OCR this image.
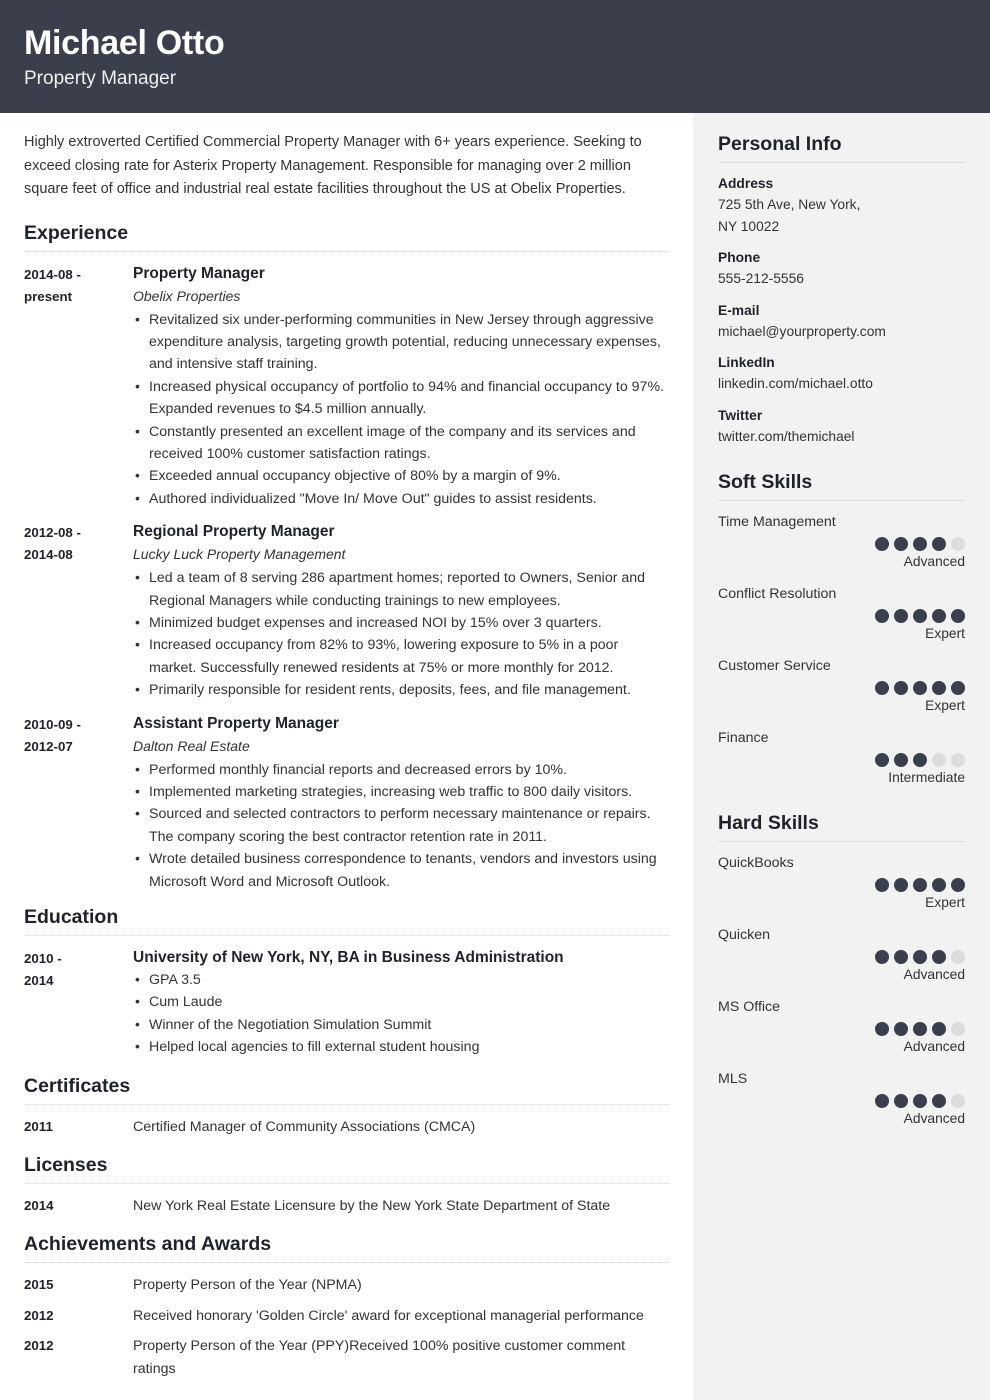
Michael Otto
Property Manager
Highly extroverted Certified Commercial Property Manager with 6+ years experience. Seeking to exceed closing rate for Asterix Property Management. Responsible for managing over 2 million square feet of office and industrial real estate facilities throughout the US at Obelix Properties.
Experience
2014-08 -
present
Property Manager
Obelix Properties
• Revitalized six under-performing communities in New Jersey through aggressive expenditure analysis, targeting growth potential, reducing unnecessary expenses, and intensive staff training.
• Increased physical occupancy of portfolio to 94% and financial occupancy to 97%. Expanded revenues to $4.5 million annually.
• Constantly presented an excellent image of the company and its services and received 100% customer satisfaction ratings.
• Exceeded annual occupancy objective of 80% by a margin of 9%.
• Authored individualized "Move In/ Move Out" guides to assist residents.
2012-08 -
2014-08
Regional Property Manager
Lucky Luck Property Management
• Led a team of 8 serving 286 apartment homes; reported to Owners, Senior and Regional Managers while conducting trainings to new employees.
• Minimized budget expenses and increased NOI by 15% over 3 quarters.
• Increased occupancy from 82% to 93%, lowering exposure to 5% in a poor market. Successfully renewed residents at 75% or more monthly for 2012.
• Primarily responsible for resident rents, deposits, fees, and file management.
2010-09 -
2012-07
Assistant Property Manager
Dalton Real Estate
• Performed monthly financial reports and decreased errors by 10%.
• Implemented marketing strategies, increasing web traffic to 800 daily visitors.
• Sourced and selected contractors to perform necessary maintenance or repairs. The company scoring the best contractor retention rate in 2011.
• Wrote detailed business correspondence to tenants, vendors and investors using Microsoft Word and Microsoft Outlook.
Education
2010 -
2014
University of New York, NY, BA in Business Administration
• GPA 3.5
• Cum Laude
• Winner of the Negotiation Simulation Summit
• Helped local agencies to fill external student housing
Certificates
2011	Certified Manager of Community Associations (CMCA)
Licenses
2014	New York Real Estate Licensure by the New York State Department of State
Achievements and Awards
2015	Property Person of the Year (NPMA)
2012	Received honorary 'Golden Circle' award for exceptional managerial performance
2012	Property Person of the Year (PPY)Received 100% positive customer comment ratings
Personal Info
Address
725 5th Ave, New York,
NY 10022
Phone
555-212-5556
E-mail
michael@yourproperty.com
LinkedIn
linkedin.com/michael.otto
Twitter
twitter.com/themichael
Soft Skills
Time Management
Advanced
Conflict Resolution
Expert
Customer Service
Expert
Finance
Intermediate
Hard Skills
QuickBooks
Expert
Quicken
Advanced
MS Office
Advanced
MLS
Advanced
